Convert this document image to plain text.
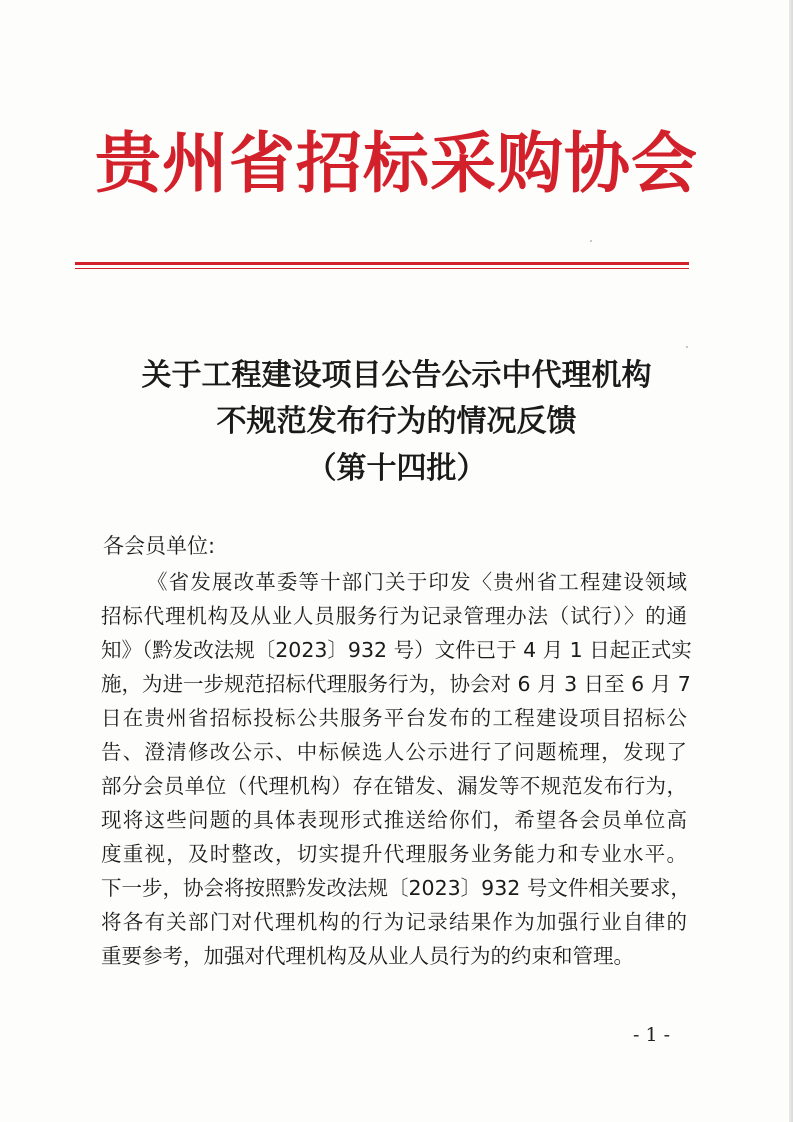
贵州省招标采购协会
关于工程建设项目公告公示中代理机构
不规范发布行为的情况反馈
（第十四批）
各会员单位:
《省发展改革委等十部门关于印发〈贵州省工程建设领域
招标代理机构及从业人员服务行为记录管理办法（试行）〉的通
知》（黔发改法规〔2023〕932 号）文件已于 4 月 1 日起正式实
施，为进一步规范招标代理服务行为，协会对 6 月 3 日至 6 月 7
日在贵州省招标投标公共服务平台发布的工程建设项目招标公
告、澄清修改公示、中标候选人公示进行了问题梳理，发现了
部分会员单位（代理机构）存在错发、漏发等不规范发布行为，
现将这些问题的具体表现形式推送给你们，希望各会员单位高
度重视，及时整改，切实提升代理服务业务能力和专业水平。
下一步，协会将按照黔发改法规〔2023〕932 号文件相关要求，
将各有关部门对代理机构的行为记录结果作为加强行业自律的
重要参考，加强对代理机构及从业人员行为的约束和管理。
- 1 -
